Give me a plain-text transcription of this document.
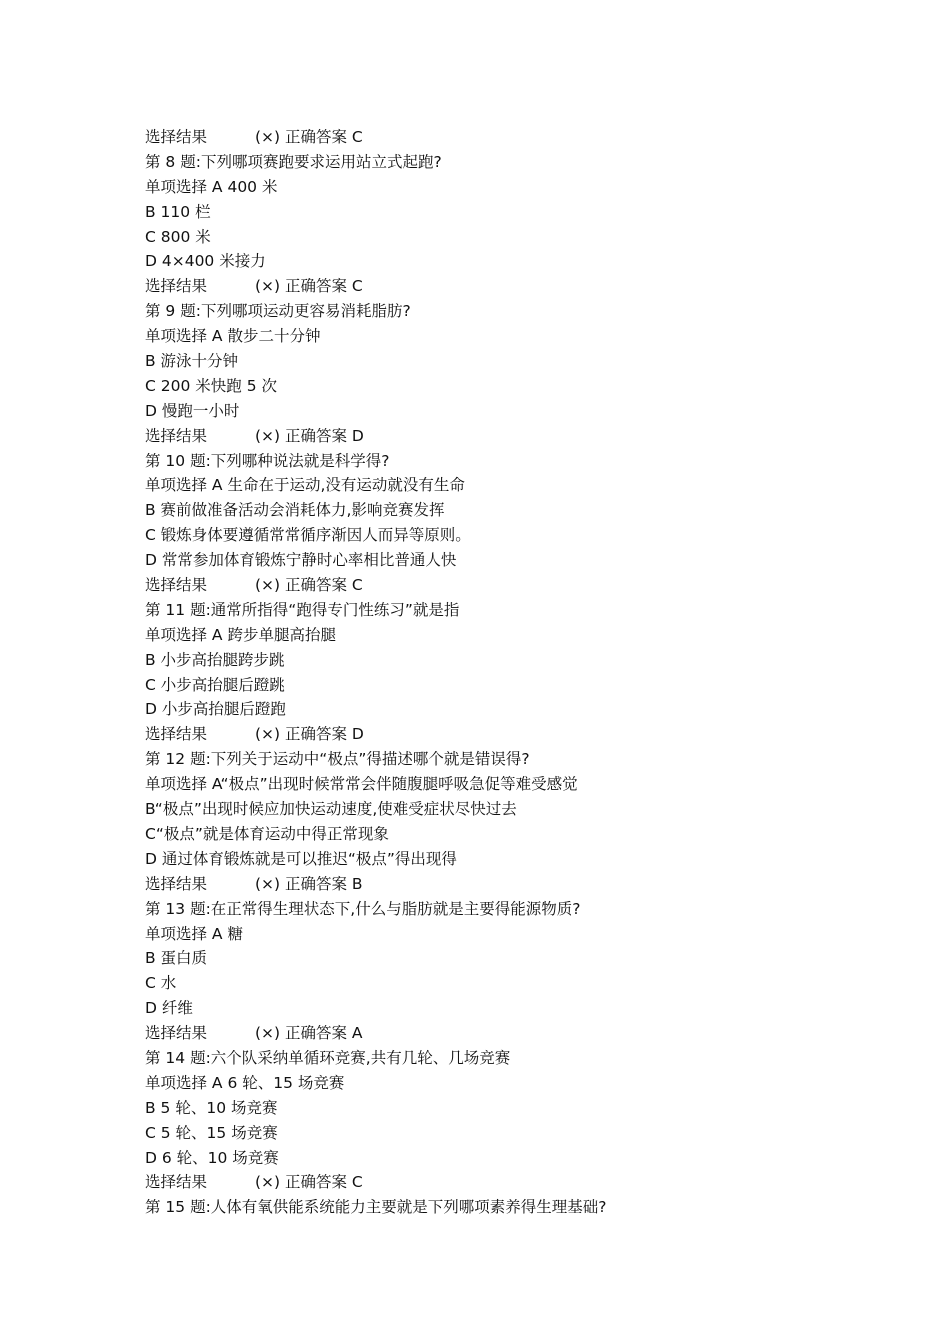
选择结果	(×) 正确答案 C
第 8 题:下列哪项赛跑要求运用站立式起跑?
单项选择 A 400 米
B 110 栏
C 800 米
D 4×400 米接力
选择结果	(×) 正确答案 C
第 9 题:下列哪项运动更容易消耗脂肪?
单项选择 A 散步二十分钟
B 游泳十分钟
C 200 米快跑 5 次
D 慢跑一小时
选择结果	(×) 正确答案 D
第 10 题:下列哪种说法就是科学得?
单项选择 A 生命在于运动,没有运动就没有生命
B 赛前做准备活动会消耗体力,影响竞赛发挥
C 锻炼身体要遵循常常循序渐因人而异等原则。
D 常常参加体育锻炼宁静时心率相比普通人快
选择结果	(×) 正确答案 C
第 11 题:通常所指得“跑得专门性练习”就是指
单项选择 A 跨步单腿高抬腿
B 小步高抬腿跨步跳
C 小步高抬腿后蹬跳
D 小步高抬腿后蹬跑
选择结果	(×) 正确答案 D
第 12 题:下列关于运动中“极点”得描述哪个就是错误得?
单项选择 A“极点”出现时候常常会伴随腹腿呼吸急促等难受感觉
B“极点”出现时候应加快运动速度,使难受症状尽快过去
C“极点”就是体育运动中得正常现象
D 通过体育锻炼就是可以推迟“极点”得出现得
选择结果	(×) 正确答案 B
第 13 题:在正常得生理状态下,什么与脂肪就是主要得能源物质?
单项选择 A 糖
B 蛋白质
C 水
D 纤维
选择结果	(×) 正确答案 A
第 14 题:六个队采纳单循环竞赛,共有几轮、几场竞赛
单项选择 A 6 轮、15 场竞赛
B 5 轮、10 场竞赛
C 5 轮、15 场竞赛
D 6 轮、10 场竞赛
选择结果	(×) 正确答案 C
第 15 题:人体有氧供能系统能力主要就是下列哪项素养得生理基础?
